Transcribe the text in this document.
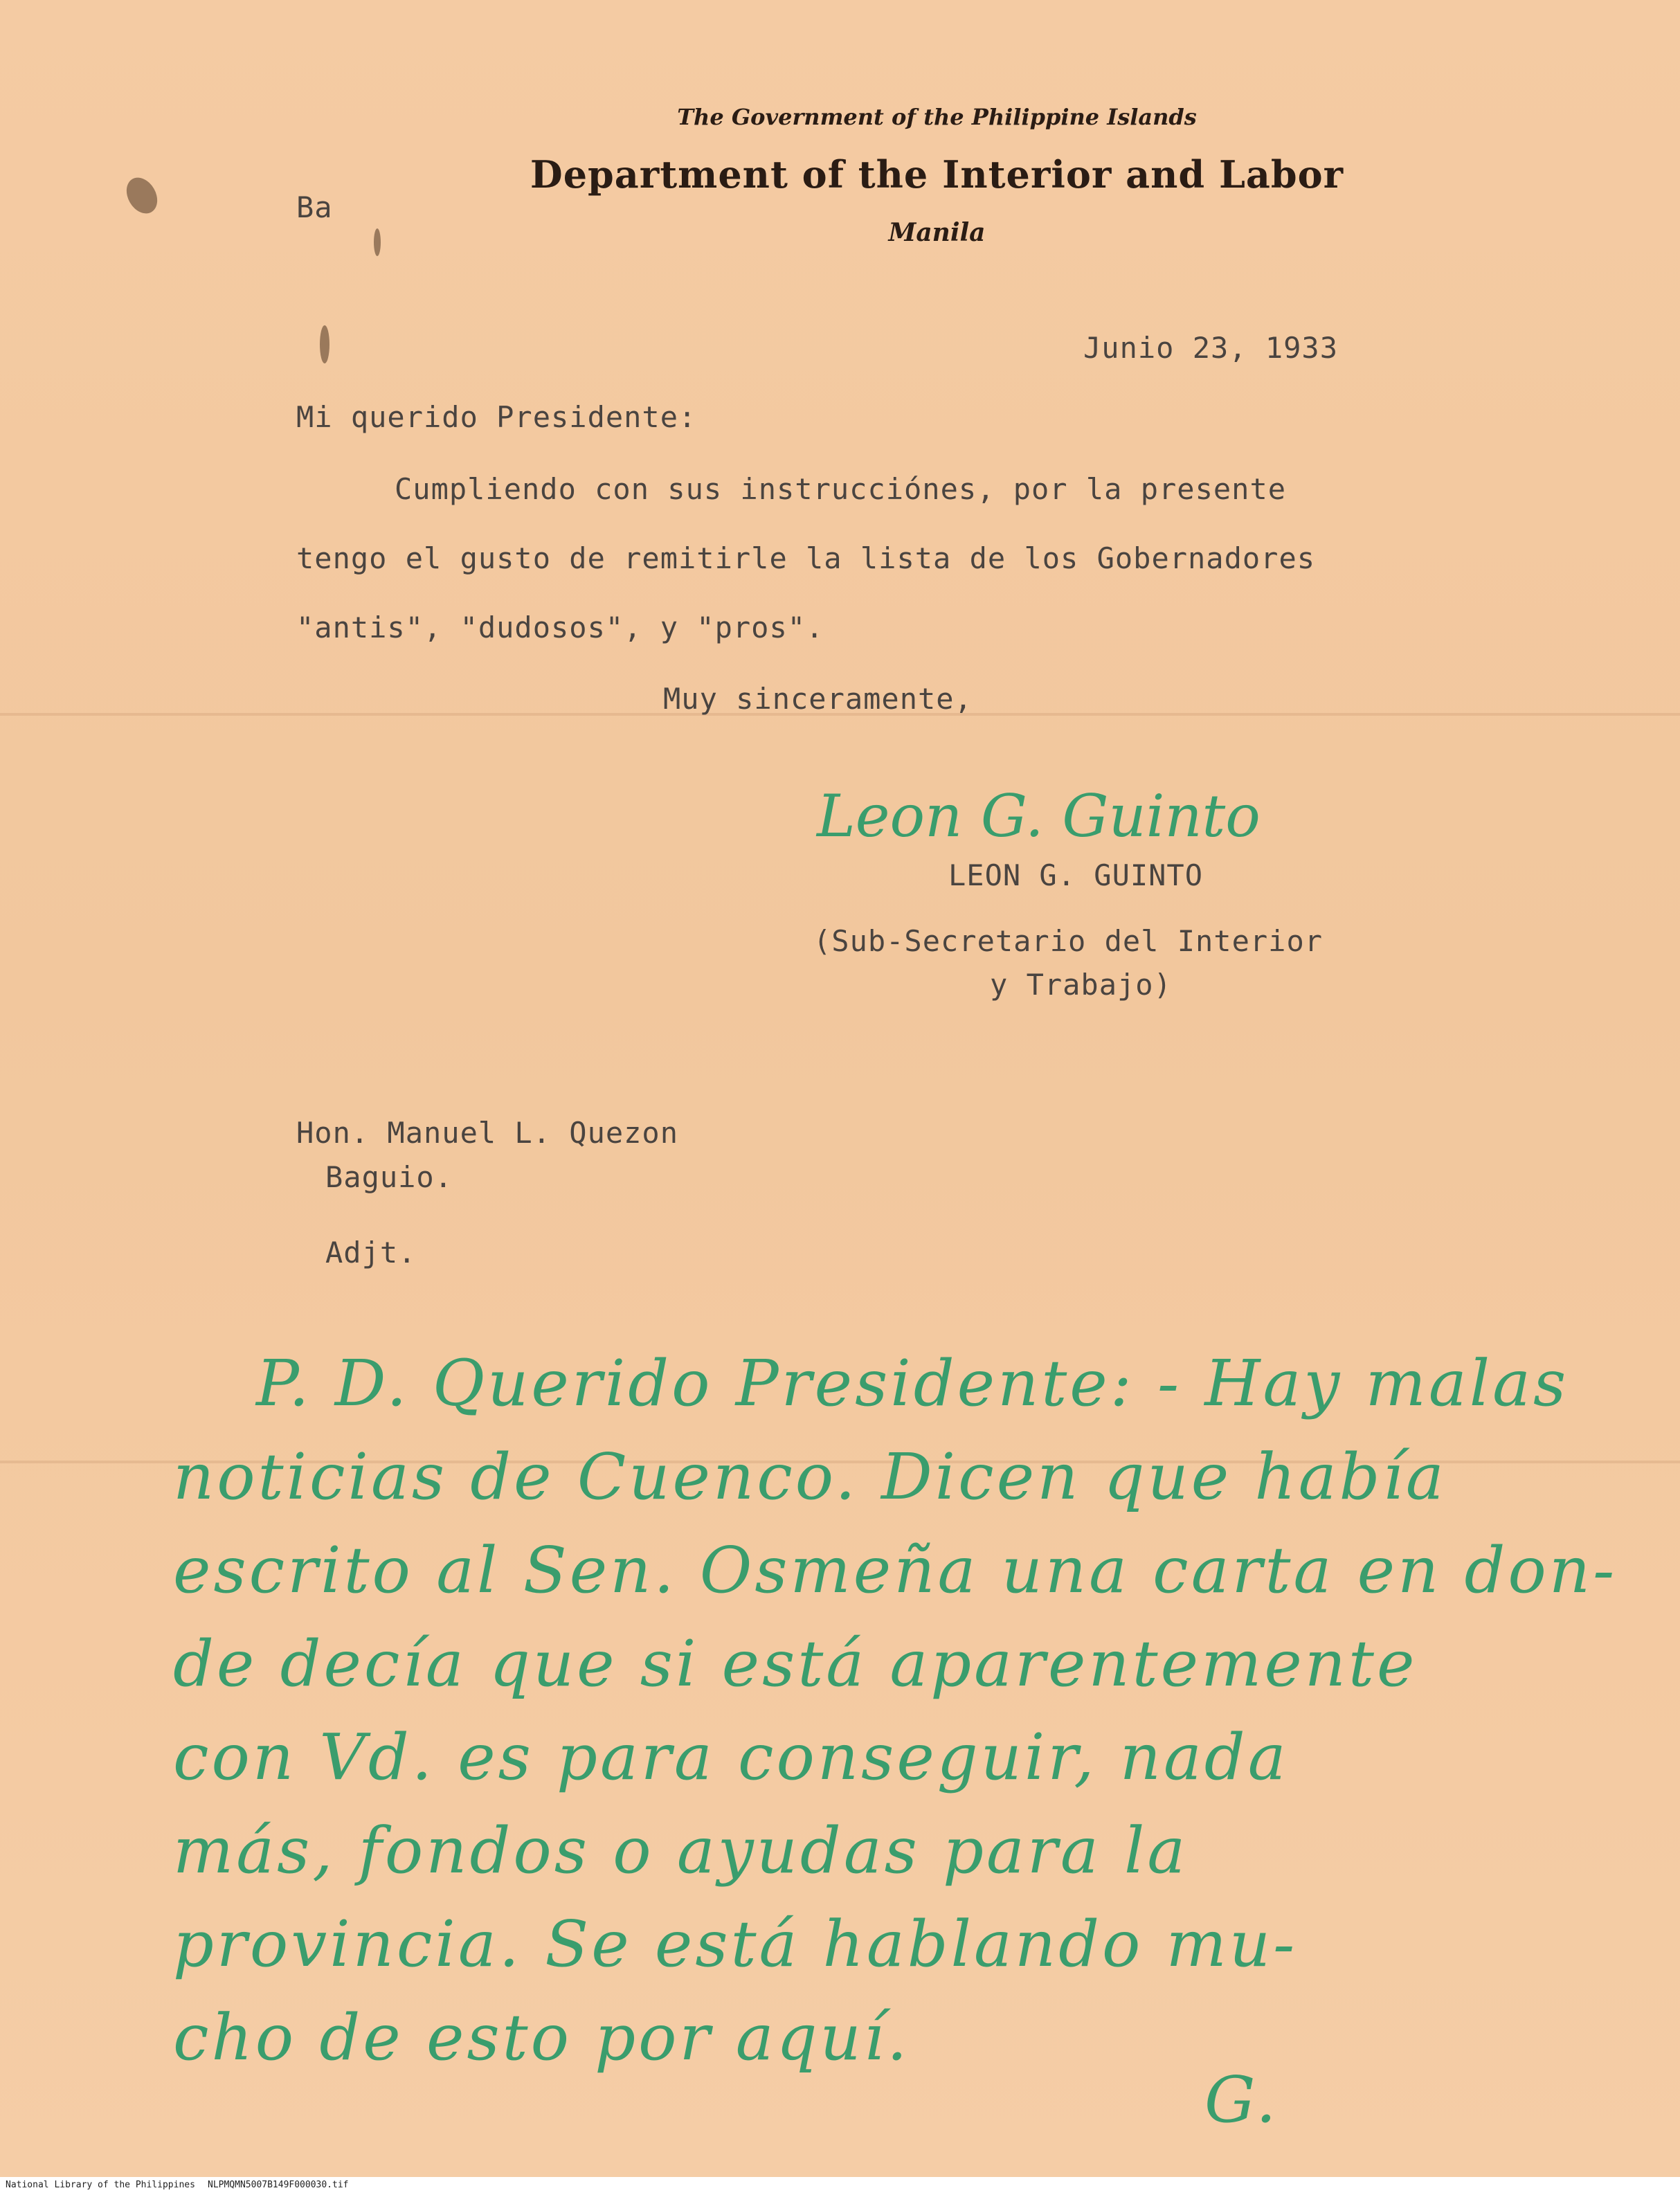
The Government of the Philippine Islands
Department of the Interior and Labor
Manila
Ba
Junio 23, 1933
Mi querido Presidente:
Cumpliendo con sus instrucciónes, por la presente
tengo el gusto de remitirle la lista de los Gobernadores
"antis", "dudosos", y "pros".
Muy sinceramente,
Leon G. Guinto
LEON G. GUINTO
(Sub-Secretario del Interior
y Trabajo)
Hon. Manuel L. Quezon
Baguio.
Adjt.
P. D. Querido Presidente: - Hay malas
noticias de Cuenco. Dicen que había
escrito al Sen. Osmeña una carta en don-
de decía que si está aparentemente
con Vd. es para conseguir, nada
más, fondos o ayudas para la
provincia. Se está hablando mu-
cho de esto por aquí.
G.
National Library of the Philippines NLPMQMN5007B149F000030.tif
